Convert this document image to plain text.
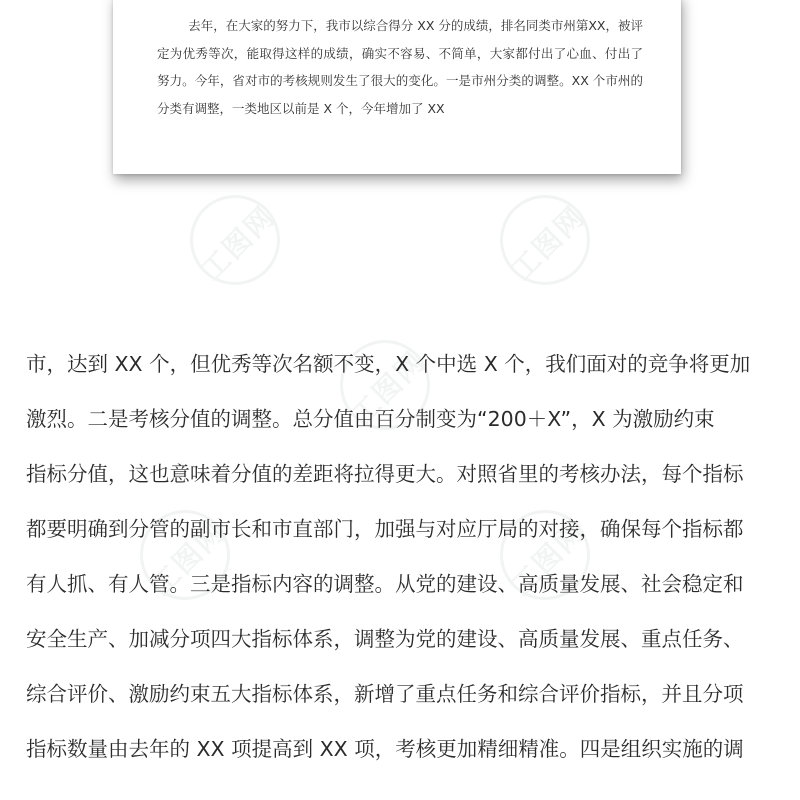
去年，在大家的努力下，我市以综合得分 XX 分的成绩，排名同类市州第XX，被评定为优秀等次，能取得这样的成绩，确实不容易、不简单，大家都付出了心血、付出了努力。今年，省对市的考核规则发生了很大的变化。一是市州分类的调整。XX 个市州的分类有调整，一类地区以前是 X 个，今年增加了 XX
工图网	工图网
工图网
工图网	工图网
市，达到 XX 个，但优秀等次名额不变，X 个中选 X 个，我们面对的竞争将更加
激烈。二是考核分值的调整。总分值由百分制变为“200＋X”，X 为激励约束
指标分值，这也意味着分值的差距将拉得更大。对照省里的考核办法，每个指标
都要明确到分管的副市长和市直部门，加强与对应厅局的对接，确保每个指标都
有人抓、有人管。三是指标内容的调整。从党的建设、高质量发展、社会稳定和
安全生产、加减分项四大指标体系，调整为党的建设、高质量发展、重点任务、
综合评价、激励约束五大指标体系，新增了重点任务和综合评价指标，并且分项
指标数量由去年的 XX 项提高到 XX 项，考核更加精细精准。四是组织实施的调
